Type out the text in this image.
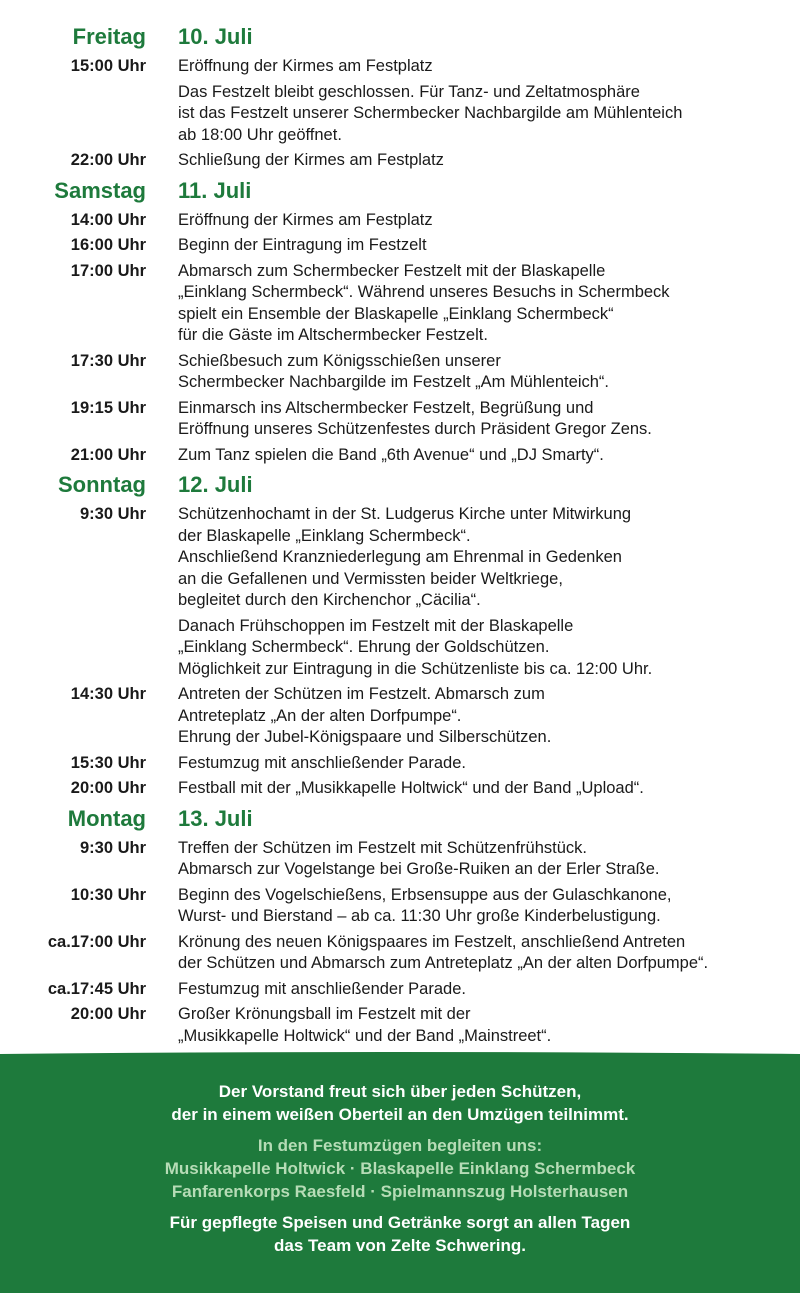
Freitag 10. Juli
15:00 Uhr Eröffnung der Kirmes am Festplatz
Das Festzelt bleibt geschlossen. Für Tanz- und Zeltatmosphäre
ist das Festzelt unserer Schermbecker Nachbargilde am Mühlenteich
ab 18:00 Uhr geöffnet.
22:00 Uhr Schließung der Kirmes am Festplatz
Samstag 11. Juli
14:00 Uhr Eröffnung der Kirmes am Festplatz
16:00 Uhr Beginn der Eintragung im Festzelt
17:00 Uhr Abmarsch zum Schermbecker Festzelt mit der Blaskapelle
„Einklang Schermbeck“. Während unseres Besuchs in Schermbeck
spielt ein Ensemble der Blaskapelle „Einklang Schermbeck“
für die Gäste im Altschermbecker Festzelt.
17:30 Uhr Schießbesuch zum Königsschießen unserer
Schermbecker Nachbargilde im Festzelt „Am Mühlenteich“.
19:15 Uhr Einmarsch ins Altschermbecker Festzelt, Begrüßung und
Eröffnung unseres Schützenfestes durch Präsident Gregor Zens.
21:00 Uhr Zum Tanz spielen die Band „6th Avenue“ und „DJ Smarty“.
Sonntag 12. Juli
9:30 Uhr Schützenhochamt in der St. Ludgerus Kirche unter Mitwirkung
der Blaskapelle „Einklang Schermbeck“.
Anschließend Kranzniederlegung am Ehrenmal in Gedenken
an die Gefallenen und Vermissten beider Weltkriege,
begleitet durch den Kirchenchor „Cäcilia“.
Danach Frühschoppen im Festzelt mit der Blaskapelle
„Einklang Schermbeck“. Ehrung der Goldschützen.
Möglichkeit zur Eintragung in die Schützenliste bis ca. 12:00 Uhr.
14:30 Uhr Antreten der Schützen im Festzelt. Abmarsch zum
Antreteplatz „An der alten Dorfpumpe“.
Ehrung der Jubel-Königspaare und Silberschützen.
15:30 Uhr Festumzug mit anschließender Parade.
20:00 Uhr Festball mit der „Musikkapelle Holtwick“ und der Band „Upload“.
Montag 13. Juli
9:30 Uhr Treffen der Schützen im Festzelt mit Schützenfrühstück.
Abmarsch zur Vogelstange bei Große-Ruiken an der Erler Straße.
10:30 Uhr Beginn des Vogelschießens, Erbsensuppe aus der Gulaschkanone,
Wurst- und Bierstand – ab ca. 11:30 Uhr große Kinderbelustigung.
ca.17:00 Uhr Krönung des neuen Königspaares im Festzelt, anschließend Antreten
der Schützen und Abmarsch zum Antreteplatz „An der alten Dorfpumpe“.
ca.17:45 Uhr Festumzug mit anschließender Parade.
20:00 Uhr Großer Krönungsball im Festzelt mit der
„Musikkapelle Holtwick“ und der Band „Mainstreet“.
Der Vorstand freut sich über jeden Schützen,
der in einem weißen Oberteil an den Umzügen teilnimmt.
In den Festumzügen begleiten uns:
Musikkapelle Holtwick · Blaskapelle Einklang Schermbeck
Fanfarenkorps Raesfeld · Spielmannszug Holsterhausen
Für gepflegte Speisen und Getränke sorgt an allen Tagen
das Team von Zelte Schwering.
